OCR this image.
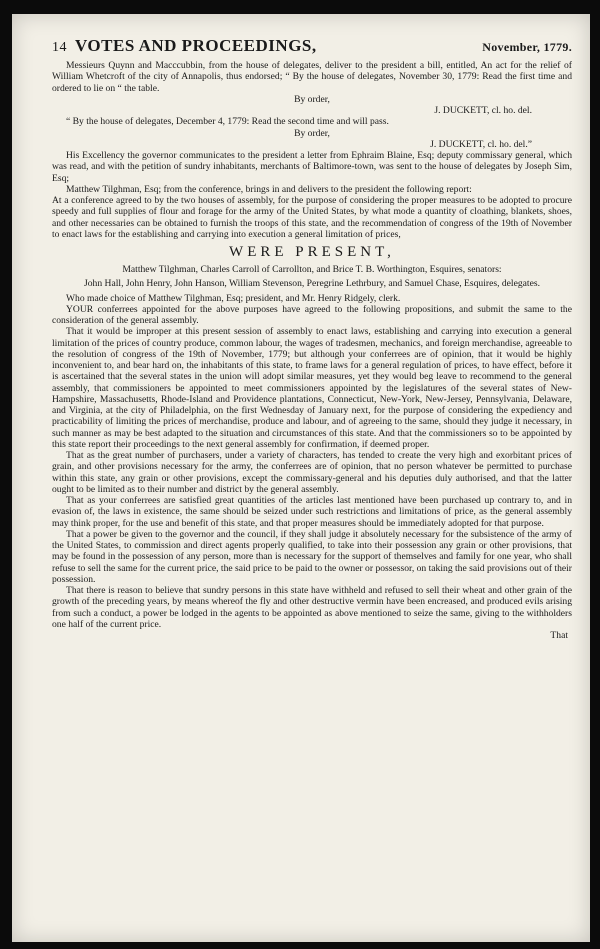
14 VOTES AND PROCEEDINGS,	November, 1779.

Messieurs Quynn and Macccubbin, from the house of delegates, deliver to the president a bill, entitled, An act for the relief of William Whetcroft of the city of Annapolis, thus endorsed; “ By the house of delegates, November 30, 1779: Read the first time and ordered to lie on “ the table.

By order,

J. DUCKETT, cl. ho. del.

“ By the house of delegates, December 4, 1779: Read the second time and will pass.

By order,

J. DUCKETT, cl. ho. del.”

His Excellency the governor communicates to the president a letter from Ephraim Blaine, Esq; deputy commissary general, which was read, and with the petition of sundry inhabitants, merchants of Baltimore-town, was sent to the house of delegates by Joseph Sim, Esq;

Matthew Tilghman, Esq; from the conference, brings in and delivers to the president the following report:

At a conference agreed to by the two houses of assembly, for the purpose of considering the proper measures to be adopted to procure speedy and full supplies of flour and forage for the army of the United States, by what mode a quantity of cloathing, blankets, shoes, and other necessaries can be obtained to furnish the troops of this state, and the recommendation of congress of the 19th of November to enact laws for the establishing and carrying into execution a general limitation of prices,

WERE PRESENT,

Matthew Tilghman, Charles Carroll of Carrollton, and Brice T. B. Worthington, Esquires, senators:

John Hall, John Henry, John Hanson, William Stevenson, Peregrine Lethrbury, and Samuel Chase, Esquires, delegates.

Who made choice of Matthew Tilghman, Esq; president, and Mr. Henry Ridgely, clerk.

YOUR conferrees appointed for the above purposes have agreed to the following propositions, and submit the same to the consideration of the general assembly.

That it would be improper at this present session of assembly to enact laws, establishing and carrying into execution a general limitation of the prices of country produce, common labour, the wages of tradesmen, mechanics, and foreign merchandise, agreeable to the resolution of congress of the 19th of November, 1779; but although your conferrees are of opinion, that it would be highly inconvenient to, and bear hard on, the inhabitants of this state, to frame laws for a general regulation of prices, to have effect, before it is ascertained that the several states in the union will adopt similar measures, yet they would beg leave to recommend to the general assembly, that commissioners be appointed to meet commissioners appointed by the legislatures of the several states of New-Hampshire, Massachusetts, Rhode-Island and Providence plantations, Connecticut, New-York, New-Jersey, Pennsylvania, Delaware, and Virginia, at the city of Philadelphia, on the first Wednesday of January next, for the purpose of considering the expediency and practicability of limiting the prices of merchandise, produce and labour, and of agreeing to the same, should they judge it necessary, in such manner as may be best adapted to the situation and circumstances of this state. And that the commissioners so to be appointed by this state report their proceedings to the next general assembly for confirmation, if deemed proper.

That as the great number of purchasers, under a variety of characters, has tended to create the very high and exorbitant prices of grain, and other provisions necessary for the army, the conferrees are of opinion, that no person whatever be permitted to purchase within this state, any grain or other provisions, except the commissary-general and his deputies duly authorised, and that the latter ought to be limited as to their number and district by the general assembly.

That as your conferrees are satisfied great quantities of the articles last mentioned have been purchased up contrary to, and in evasion of, the laws in existence, the same should be seized under such restrictions and limitations of price, as the general assembly may think proper, for the use and benefit of this state, and that proper measures should be immediately adopted for that purpose.

That a power be given to the governor and the council, if they shall judge it absolutely necessary for the subsistence of the army of the United States, to commission and direct agents properly qualified, to take into their possession any grain or other provisions, that may be found in the possession of any person, more than is necessary for the support of themselves and family for one year, who shall refuse to sell the same for the current price, the said price to be paid to the owner or possessor, on taking the said provisions out of their possession.

That there is reason to believe that sundry persons in this state have withheld and refused to sell their wheat and other grain of the growth of the preceding years, by means whereof the fly and other destructive vermin have been encreased, and produced evils arising from such a conduct, a power be lodged in the agents to be appointed as above mentioned to seize the same, giving to the withholders one half of the current price.

That
